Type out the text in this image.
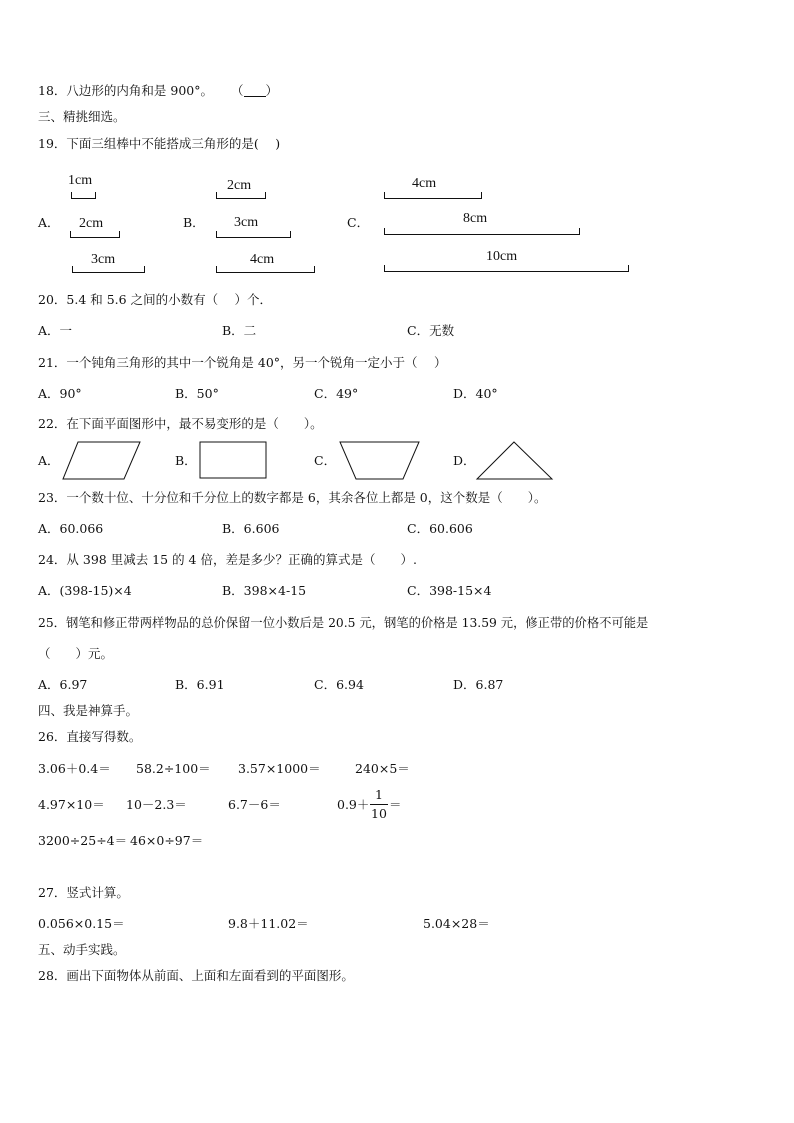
18．八边形的内角和是 900°。 （ ）
三、精挑细选。
19．下面三组棒中不能搭成三角形的是( 　)
A．
1cm
2cm
3cm
B．
2cm
3cm
4cm
C．
4cm
8cm
10cm
20．5.4 和 5.6 之间的小数有（ 　）个．
A．一	B．二	C．无数
21．一个钝角三角形的其中一个锐角是 40°，另一个锐角一定小于（ 　）
A．90°	B．50°	C．49°	D．40°
22．在下面平面图形中，最不易变形的是（　　）。
A．	B．	C．	D．
23．一个数十位、十分位和千分位上的数字都是 6，其余各位上都是 0，这个数是（　　）。
A．60.066	B．6.606	C．60.606
24．从 398 里减去 15 的 4 倍，差是多少？正确的算式是（　　）.
A．(398-15)×4	B．398×4-15	C．398-15×4
25．钢笔和修正带两样物品的总价保留一位小数后是 20.5 元，钢笔的价格是 13.59 元，修正带的价格不可能是
（　　）元。
A．6.97	B．6.91	C．6.94	D．6.87
四、我是神算手。
26．直接写得数。
3.06＋0.4＝ 58.2÷100＝ 3.57×1000＝	240×5＝
4.97×10＝ 10－2.3＝	6.7－6＝	0.9＋
1
10
＝
3200÷25÷4＝ 46×0÷97＝
27．竖式计算。
0.056×0.15＝	9.8＋11.02＝	5.04×28＝
五、动手实践。
28．画出下面物体从前面、上面和左面看到的平面图形。
